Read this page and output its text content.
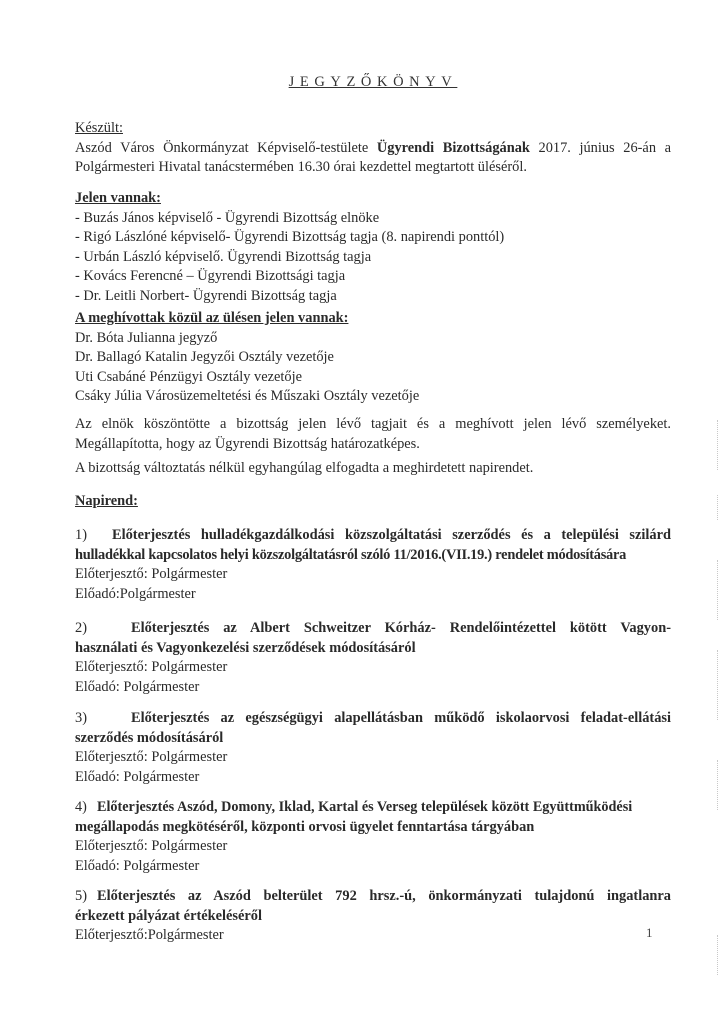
JEGYZŐKÖNYV
Készült:
Aszód Város Önkormányzat Képviselő-testülete Ügyrendi Bizottságának 2017. június 26-án a
Polgármesteri Hivatal tanácstermében 16.30 órai kezdettel megtartott üléséről.
Jelen vannak:
- Buzás János képviselő - Ügyrendi Bizottság elnöke
- Rigó Lászlóné képviselő- Ügyrendi Bizottság tagja (8. napirendi ponttól)
- Urbán László képviselő. Ügyrendi Bizottság tagja
- Kovács Ferencné – Ügyrendi Bizottsági tagja
- Dr. Leitli Norbert- Ügyrendi Bizottság tagja
A meghívottak közül az ülésen jelen vannak:
Dr. Bóta Julianna jegyző
Dr. Ballagó Katalin Jegyzői Osztály vezetője
Uti Csabáné Pénzügyi Osztály vezetője
Csáky Júlia Városüzemeltetési és Műszaki Osztály vezetője
Az elnök köszöntötte a bizottság jelen lévő tagjait és a meghívott jelen lévő személyeket.
Megállapította, hogy az Ügyrendi Bizottság határozatképes.
A bizottság változtatás nélkül egyhangúlag elfogadta a meghirdetett napirendet.
Napirend:
1) Előterjesztés hulladékgazdálkodási közszolgáltatási szerződés és a települési szilárd
hulladékkal kapcsolatos helyi közszolgáltatásról szóló 11/2016.(VII.19.) rendelet módosítására
Előterjesztő: Polgármester
Előadó:Polgármester
2)	Előterjesztés az Albert Schweitzer Kórház- Rendelőintézettel kötött Vagyon-
használati és Vagyonkezelési szerződések módosításáról
Előterjesztő: Polgármester
Előadó: Polgármester
3)	Előterjesztés az egészségügyi alapellátásban működő iskolaorvosi feladat-ellátási
szerződés módosításáról
Előterjesztő: Polgármester
Előadó: Polgármester
4) Előterjesztés Aszód, Domony, Iklad, Kartal és Verseg települések között Együttműködési
megállapodás megkötéséről, központi orvosi ügyelet fenntartása tárgyában
Előterjesztő: Polgármester
Előadó: Polgármester
5) Előterjesztés az Aszód belterület 792 hrsz.-ú, önkormányzati tulajdonú ingatlanra
érkezett pályázat értékeléséről
Előterjesztő:Polgármester	1
